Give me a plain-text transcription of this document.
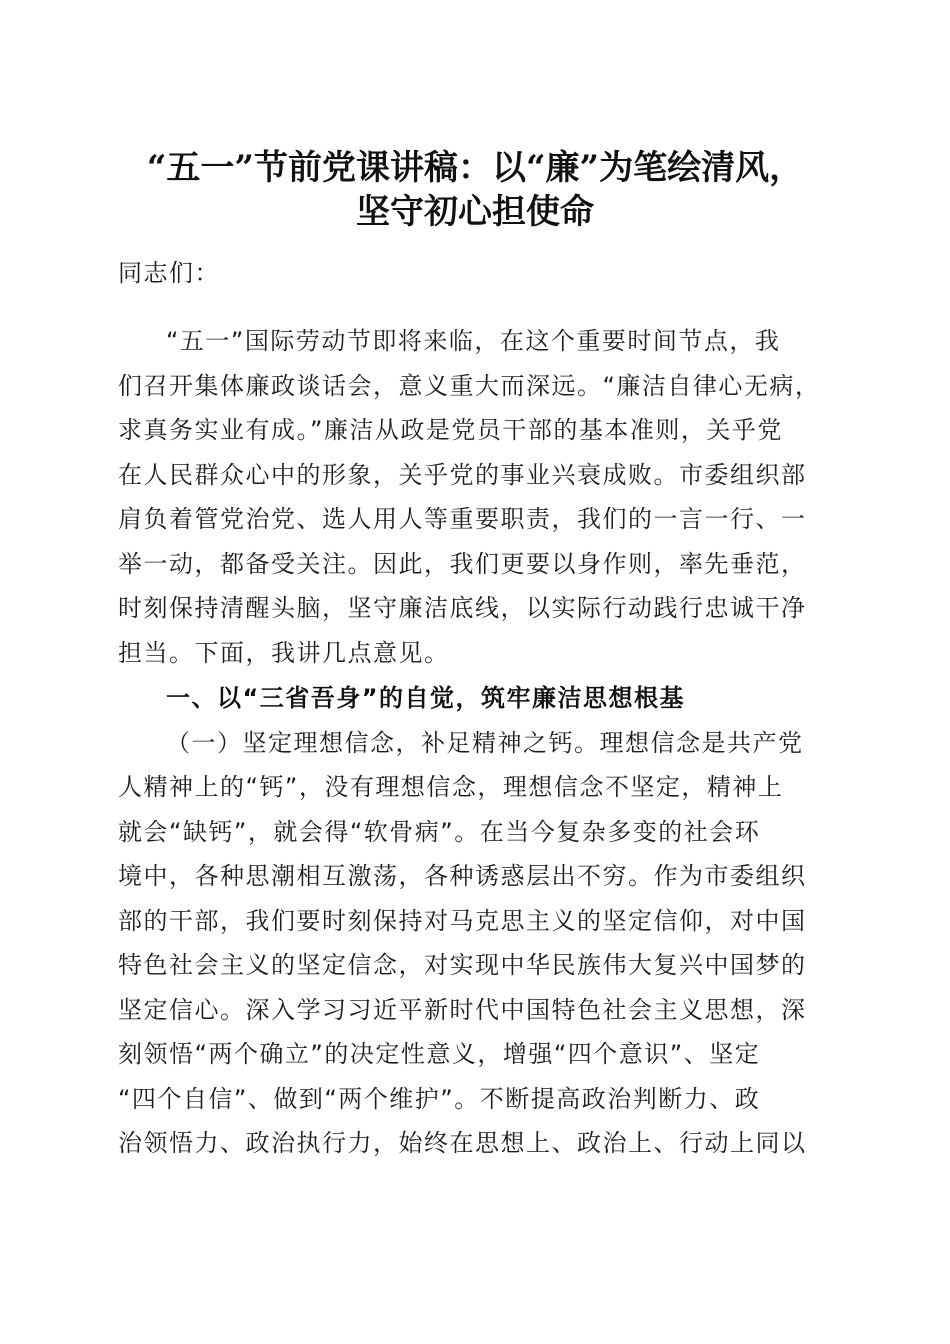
“五一”节前党课讲稿：以“廉”为笔绘清风，
坚守初心担使命
同志们：
“五一”国际劳动节即将来临，在这个重要时间节点，我
们召开集体廉政谈话会，意义重大而深远。“廉洁自律心无病，
求真务实业有成。”廉洁从政是党员干部的基本准则，关乎党
在人民群众心中的形象，关乎党的事业兴衰成败。市委组织部
肩负着管党治党、选人用人等重要职责，我们的一言一行、一
举一动，都备受关注。因此，我们更要以身作则，率先垂范，
时刻保持清醒头脑，坚守廉洁底线，以实际行动践行忠诚干净
担当。下面，我讲几点意见。
一、以“三省吾身”的自觉，筑牢廉洁思想根基
（一）坚定理想信念，补足精神之钙。理想信念是共产党
人精神上的“钙”，没有理想信念，理想信念不坚定，精神上
就会“缺钙”，就会得“软骨病”。在当今复杂多变的社会环
境中，各种思潮相互激荡，各种诱惑层出不穷。作为市委组织
部的干部，我们要时刻保持对马克思主义的坚定信仰，对中国
特色社会主义的坚定信念，对实现中华民族伟大复兴中国梦的
坚定信心。深入学习习近平新时代中国特色社会主义思想，深
刻领悟“两个确立”的决定性意义，增强“四个意识”、坚定
“四个自信”、做到“两个维护”。不断提高政治判断力、政
治领悟力、政治执行力，始终在思想上、政治上、行动上同以
